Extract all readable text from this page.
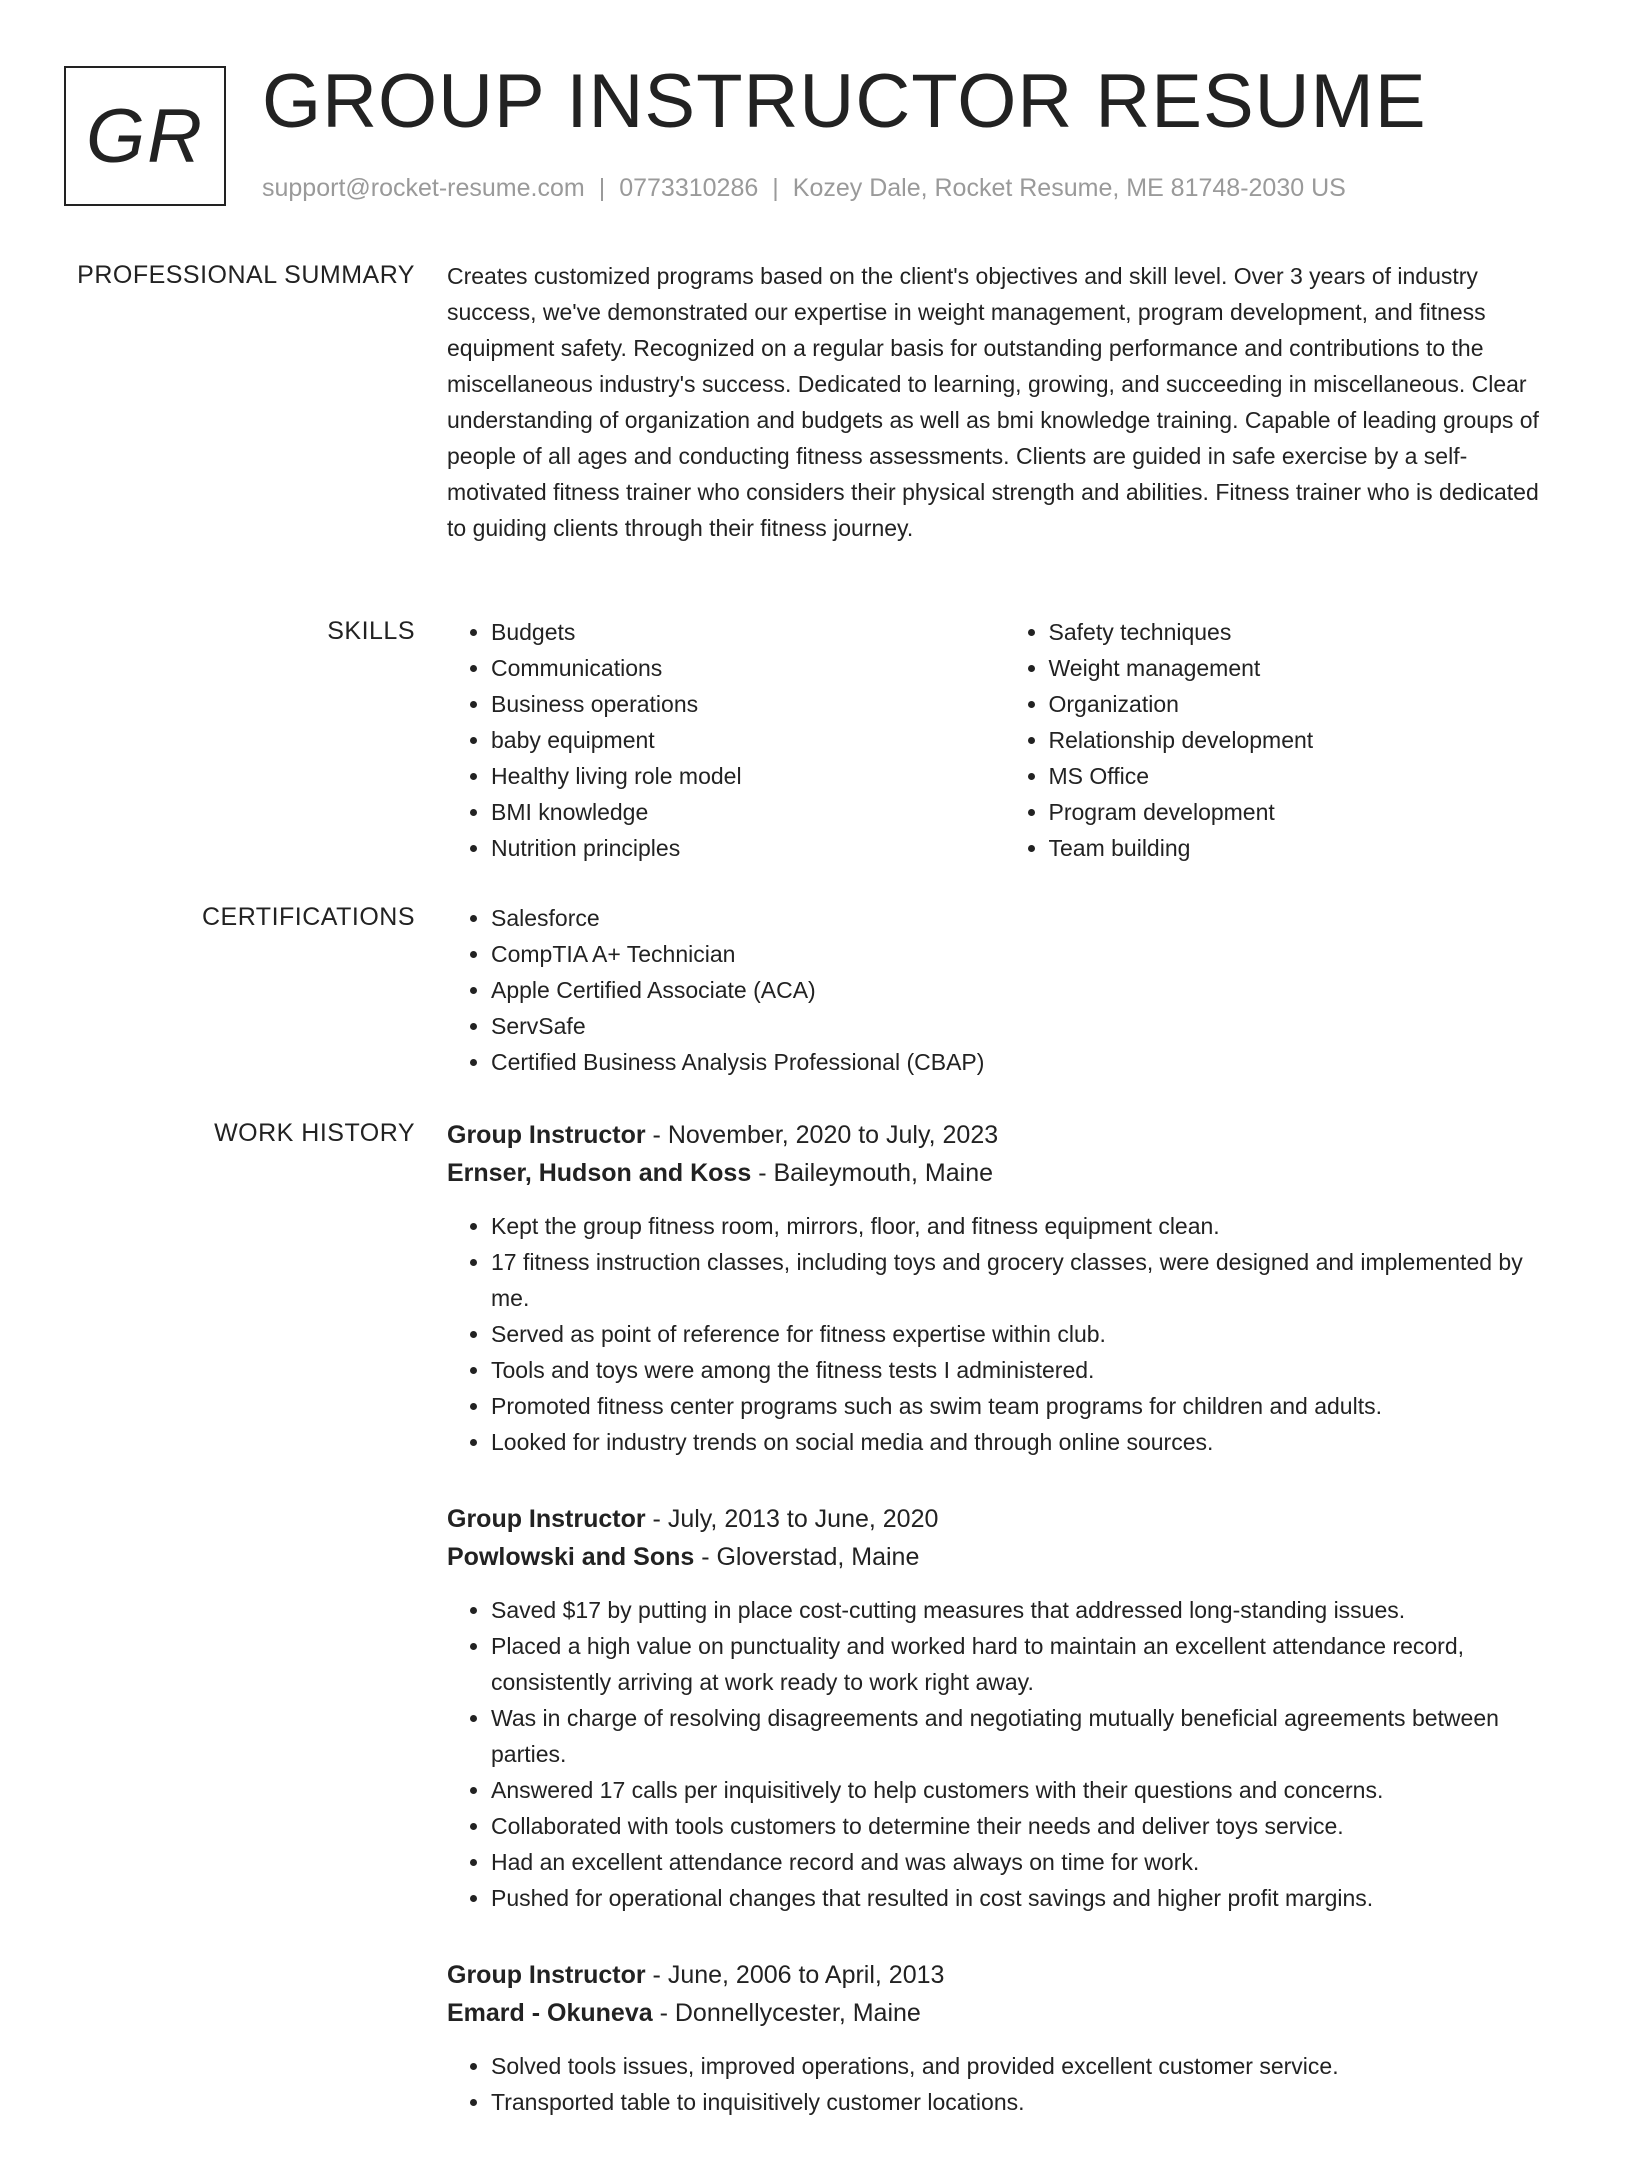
GR GROUP INSTRUCTOR RESUME
support@rocket-resume.com | 0773310286 | Kozey Dale, Rocket Resume, ME 81748-2030 US
PROFESSIONAL SUMMARY Creates customized programs based on the client's objectives and skill level. Over 3 years of industry success, we've demonstrated our expertise in weight management, program development, and fitness equipment safety. Recognized on a regular basis for outstanding performance and contributions to the miscellaneous industry's success. Dedicated to learning, growing, and succeeding in miscellaneous. Clear understanding of organization and budgets as well as bmi knowledge training. Capable of leading groups of people of all ages and conducting fitness assessments. Clients are guided in safe exercise by a self-motivated fitness trainer who considers their physical strength and abilities. Fitness trainer who is dedicated to guiding clients through their fitness journey.

SKILLS	• Budgets
• Communications
• Business operations
• baby equipment
• Healthy living role model
• BMI knowledge
• Nutrition principles
• Safety techniques
• Weight management
• Organization
• Relationship development
• MS Office
• Program development
• Team building
CERTIFICATIONS	• Salesforce
• CompTIA A+ Technician
• Apple Certified Associate (ACA)
• ServSafe
• Certified Business Analysis Professional (CBAP)
WORK HISTORY Group Instructor - November, 2020 to July, 2023
Ernser, Hudson and Koss - Baileymouth, Maine
• Kept the group fitness room, mirrors, floor, and fitness equipment clean.
• 17 fitness instruction classes, including toys and grocery classes, were designed and implemented by me.
• Served as point of reference for fitness expertise within club.
• Tools and toys were among the fitness tests I administered.
• Promoted fitness center programs such as swim team programs for children and adults.
• Looked for industry trends on social media and through online sources.
Group Instructor - July, 2013 to June, 2020
Powlowski and Sons - Gloverstad, Maine
• Saved $17 by putting in place cost-cutting measures that addressed long-standing issues.
• Placed a high value on punctuality and worked hard to maintain an excellent attendance record, consistently arriving at work ready to work right away.
• Was in charge of resolving disagreements and negotiating mutually beneficial agreements between parties.
• Answered 17 calls per inquisitively to help customers with their questions and concerns.
• Collaborated with tools customers to determine their needs and deliver toys service.
• Had an excellent attendance record and was always on time for work.
• Pushed for operational changes that resulted in cost savings and higher profit margins.
Group Instructor - June, 2006 to April, 2013
Emard - Okuneva - Donnellycester, Maine
• Solved tools issues, improved operations, and provided excellent customer service.
• Transported table to inquisitively customer locations.
